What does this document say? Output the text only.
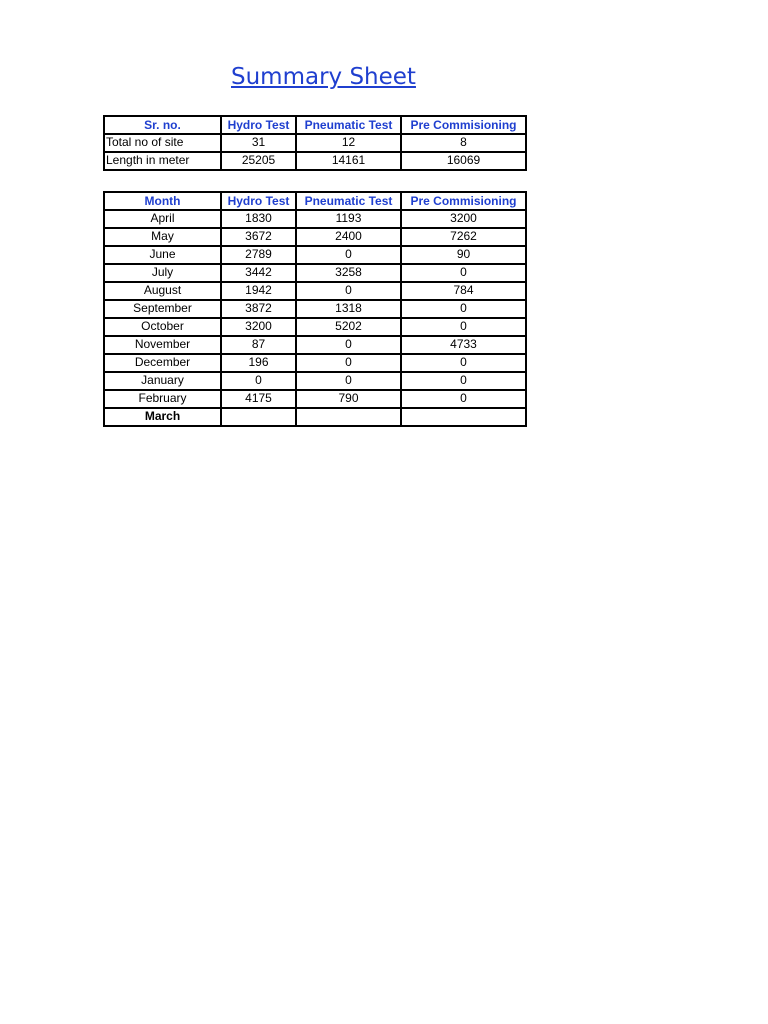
Summary Sheet
Sr. no.	Hydro Test	Pneumatic Test	Pre Commisioning
Total no of site	31	12	8
Length in meter	25205	14161	16069
Month	Hydro Test	Pneumatic Test	Pre Commisioning
April	1830	1193	3200
May	3672	2400	7262
June	2789	0	90
July	3442	3258	0
August	1942	0	784
September	3872	1318	0
October	3200	5202	0
November	87	0	4733
December	196	0	0
January	0	0	0
February	4175	790	0
March			
